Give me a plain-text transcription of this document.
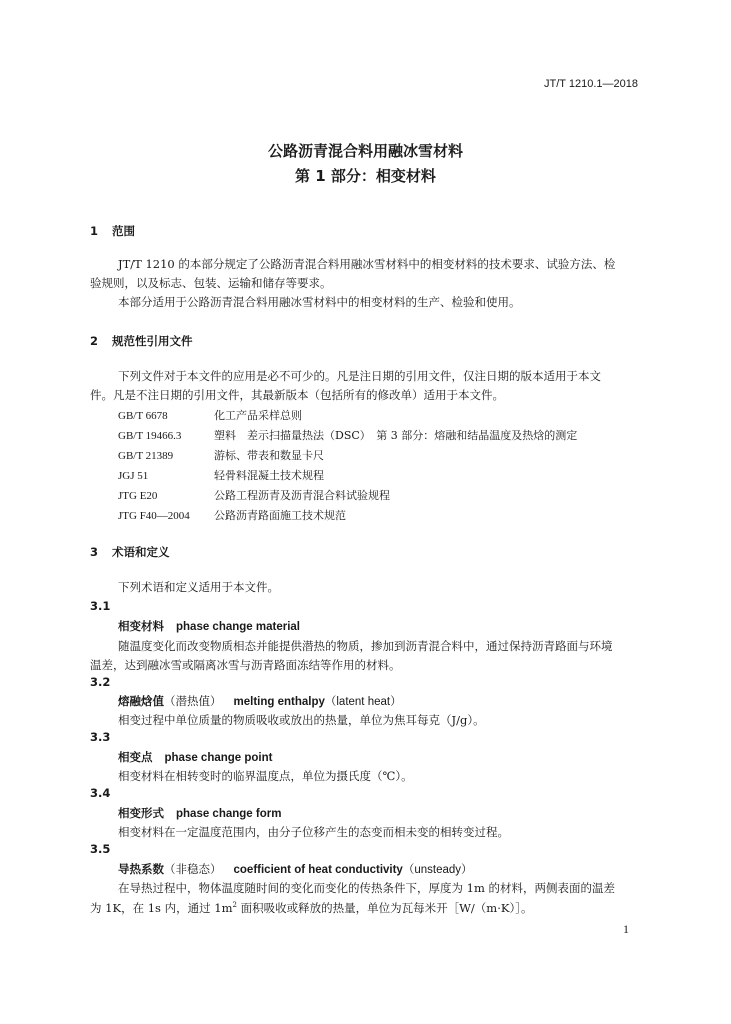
JT/T 1210.1—2018
公路沥青混合料用融冰雪材料
第 1 部分：相变材料
1 范围
JT/T 1210 的本部分规定了公路沥青混合料用融冰雪材料中的相变材料的技术要求、试验方法、检
验规则，以及标志、包装、运输和储存等要求。
本部分适用于公路沥青混合料用融冰雪材料中的相变材料的生产、检验和使用。
2 规范性引用文件
下列文件对于本文件的应用是必不可少的。凡是注日期的引用文件，仅注日期的版本适用于本文
件。凡是不注日期的引用文件，其最新版本（包括所有的修改单）适用于本文件。
GB/T 6678	化工产品采样总则
GB/T 19466.3	塑料　差示扫描量热法（DSC）　第 3 部分：熔融和结晶温度及热焓的测定
GB/T 21389	游标、带表和数显卡尺
JGJ 51	轻骨料混凝土技术规程
JTG E20	公路工程沥青及沥青混合料试验规程
JTG F40—2004 公路沥青路面施工技术规范
3 术语和定义
下列术语和定义适用于本文件。
3.1
相变材料 phase change material
随温度变化而改变物质相态并能提供潜热的物质，掺加到沥青混合料中，通过保持沥青路面与环境
温差，达到融冰雪或隔离冰雪与沥青路面冻结等作用的材料。
3.2
熔融焓值（潜热值） melting enthalpy（latent heat）
相变过程中单位质量的物质吸收或放出的热量，单位为焦耳每克（J/g）。
3.3
相变点 phase change point
相变材料在相转变时的临界温度点，单位为摄氏度（℃）。
3.4
相变形式 phase change form
相变材料在一定温度范围内，由分子位移产生的态变而相未变的相转变过程。
3.5
导热系数（非稳态） coefficient of heat conductivity（unsteady）
在导热过程中，物体温度随时间的变化而变化的传热条件下，厚度为 1m 的材料，两侧表面的温差
为 1K，在 1s 内，通过 $1m^2$ 面积吸收或释放的热量，单位为瓦每米开［W/（m·K）］。
1
